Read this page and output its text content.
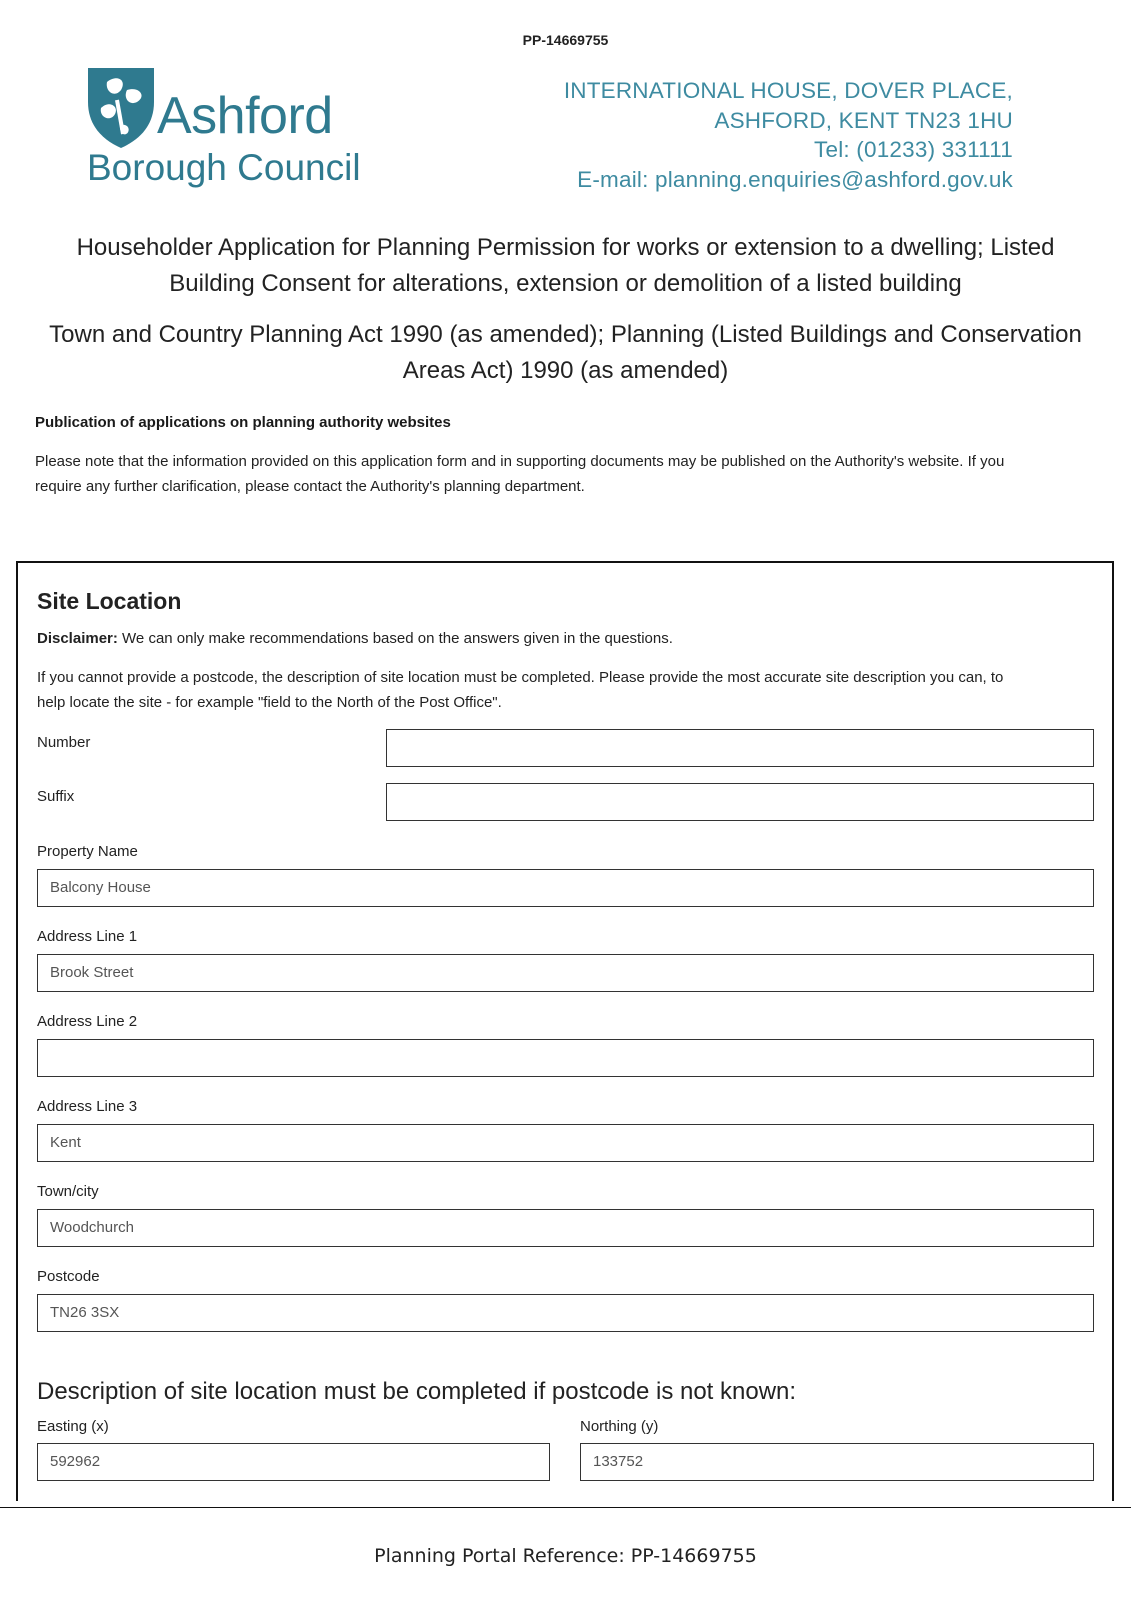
PP-14669755
Ashford
Borough Council
INTERNATIONAL HOUSE, DOVER PLACE,
ASHFORD, KENT TN23 1HU
Tel: (01233) 331111
E-mail: planning.enquiries@ashford.gov.uk
Householder Application for Planning Permission for works or extension to a dwelling; Listed
Building Consent for alterations, extension or demolition of a listed building
Town and Country Planning Act 1990 (as amended); Planning (Listed Buildings and Conservation
Areas Act) 1990 (as amended)
Publication of applications on planning authority websites
Please note that the information provided on this application form and in supporting documents may be published on the Authority's website. If you
require any further clarification, please contact the Authority's planning department.
Site Location
Disclaimer: We can only make recommendations based on the answers given in the questions.
If you cannot provide a postcode, the description of site location must be completed. Please provide the most accurate site description you can, to
help locate the site - for example "field to the North of the Post Office".
Number
Suffix
Property Name
Balcony House
Address Line 1
Brook Street
Address Line 2
Address Line 3
Kent
Town/city
Woodchurch
Postcode
TN26 3SX
Description of site location must be completed if postcode is not known:
Easting (x)
592962
Northing (y)
133752
Planning Portal Reference: PP-14669755
